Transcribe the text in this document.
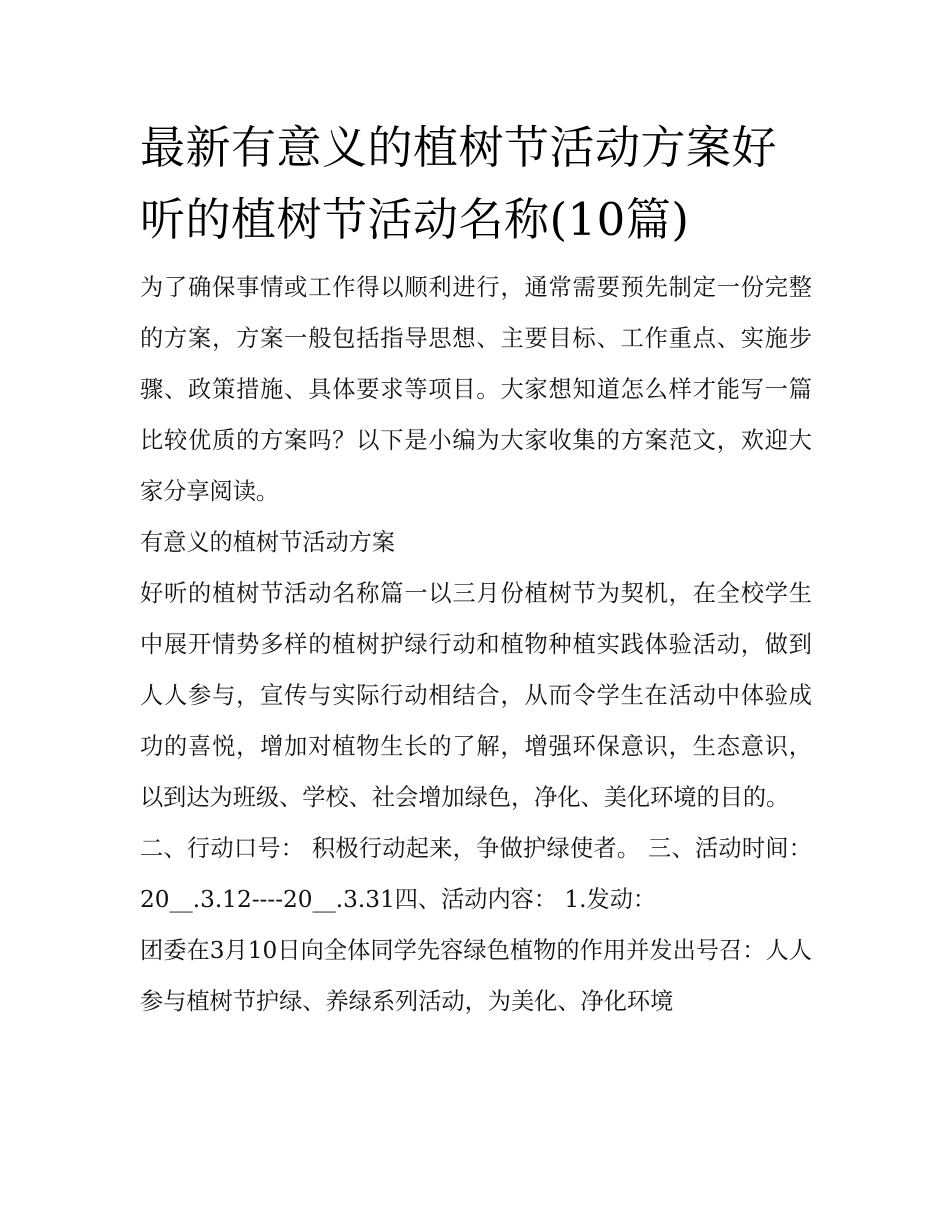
最新有意义的植树节活动方案好听的植树节活动名称(10篇)

为了确保事情或工作得以顺利进行，通常需要预先制定一份完整的方案，方案一般包括指导思想、主要目标、工作重点、实施步骤、政策措施、具体要求等项目。大家想知道怎么样才能写一篇比较优质的方案吗？以下是小编为大家收集的方案范文，欢迎大家分享阅读。

有意义的植树节活动方案

好听的植树节活动名称篇一以三月份植树节为契机，在全校学生中展开情势多样的植树护绿行动和植物种植实践体验活动，做到人人参与，宣传与实际行动相结合，从而令学生在活动中体验成功的喜悦，增加对植物生长的了解，增强环保意识，生态意识，以到达为班级、学校、社会增加绿色，净化、美化环境的目的。

二、行动口号： 积极行动起来，争做护绿使者。 三、活动时间： 20__.3.12----20__.3.31四、活动内容： 1.发动：

团委在3月10日向全体同学先容绿色植物的作用并发出号召：人人参与植树节护绿、养绿系列活动，为美化、净化环境
